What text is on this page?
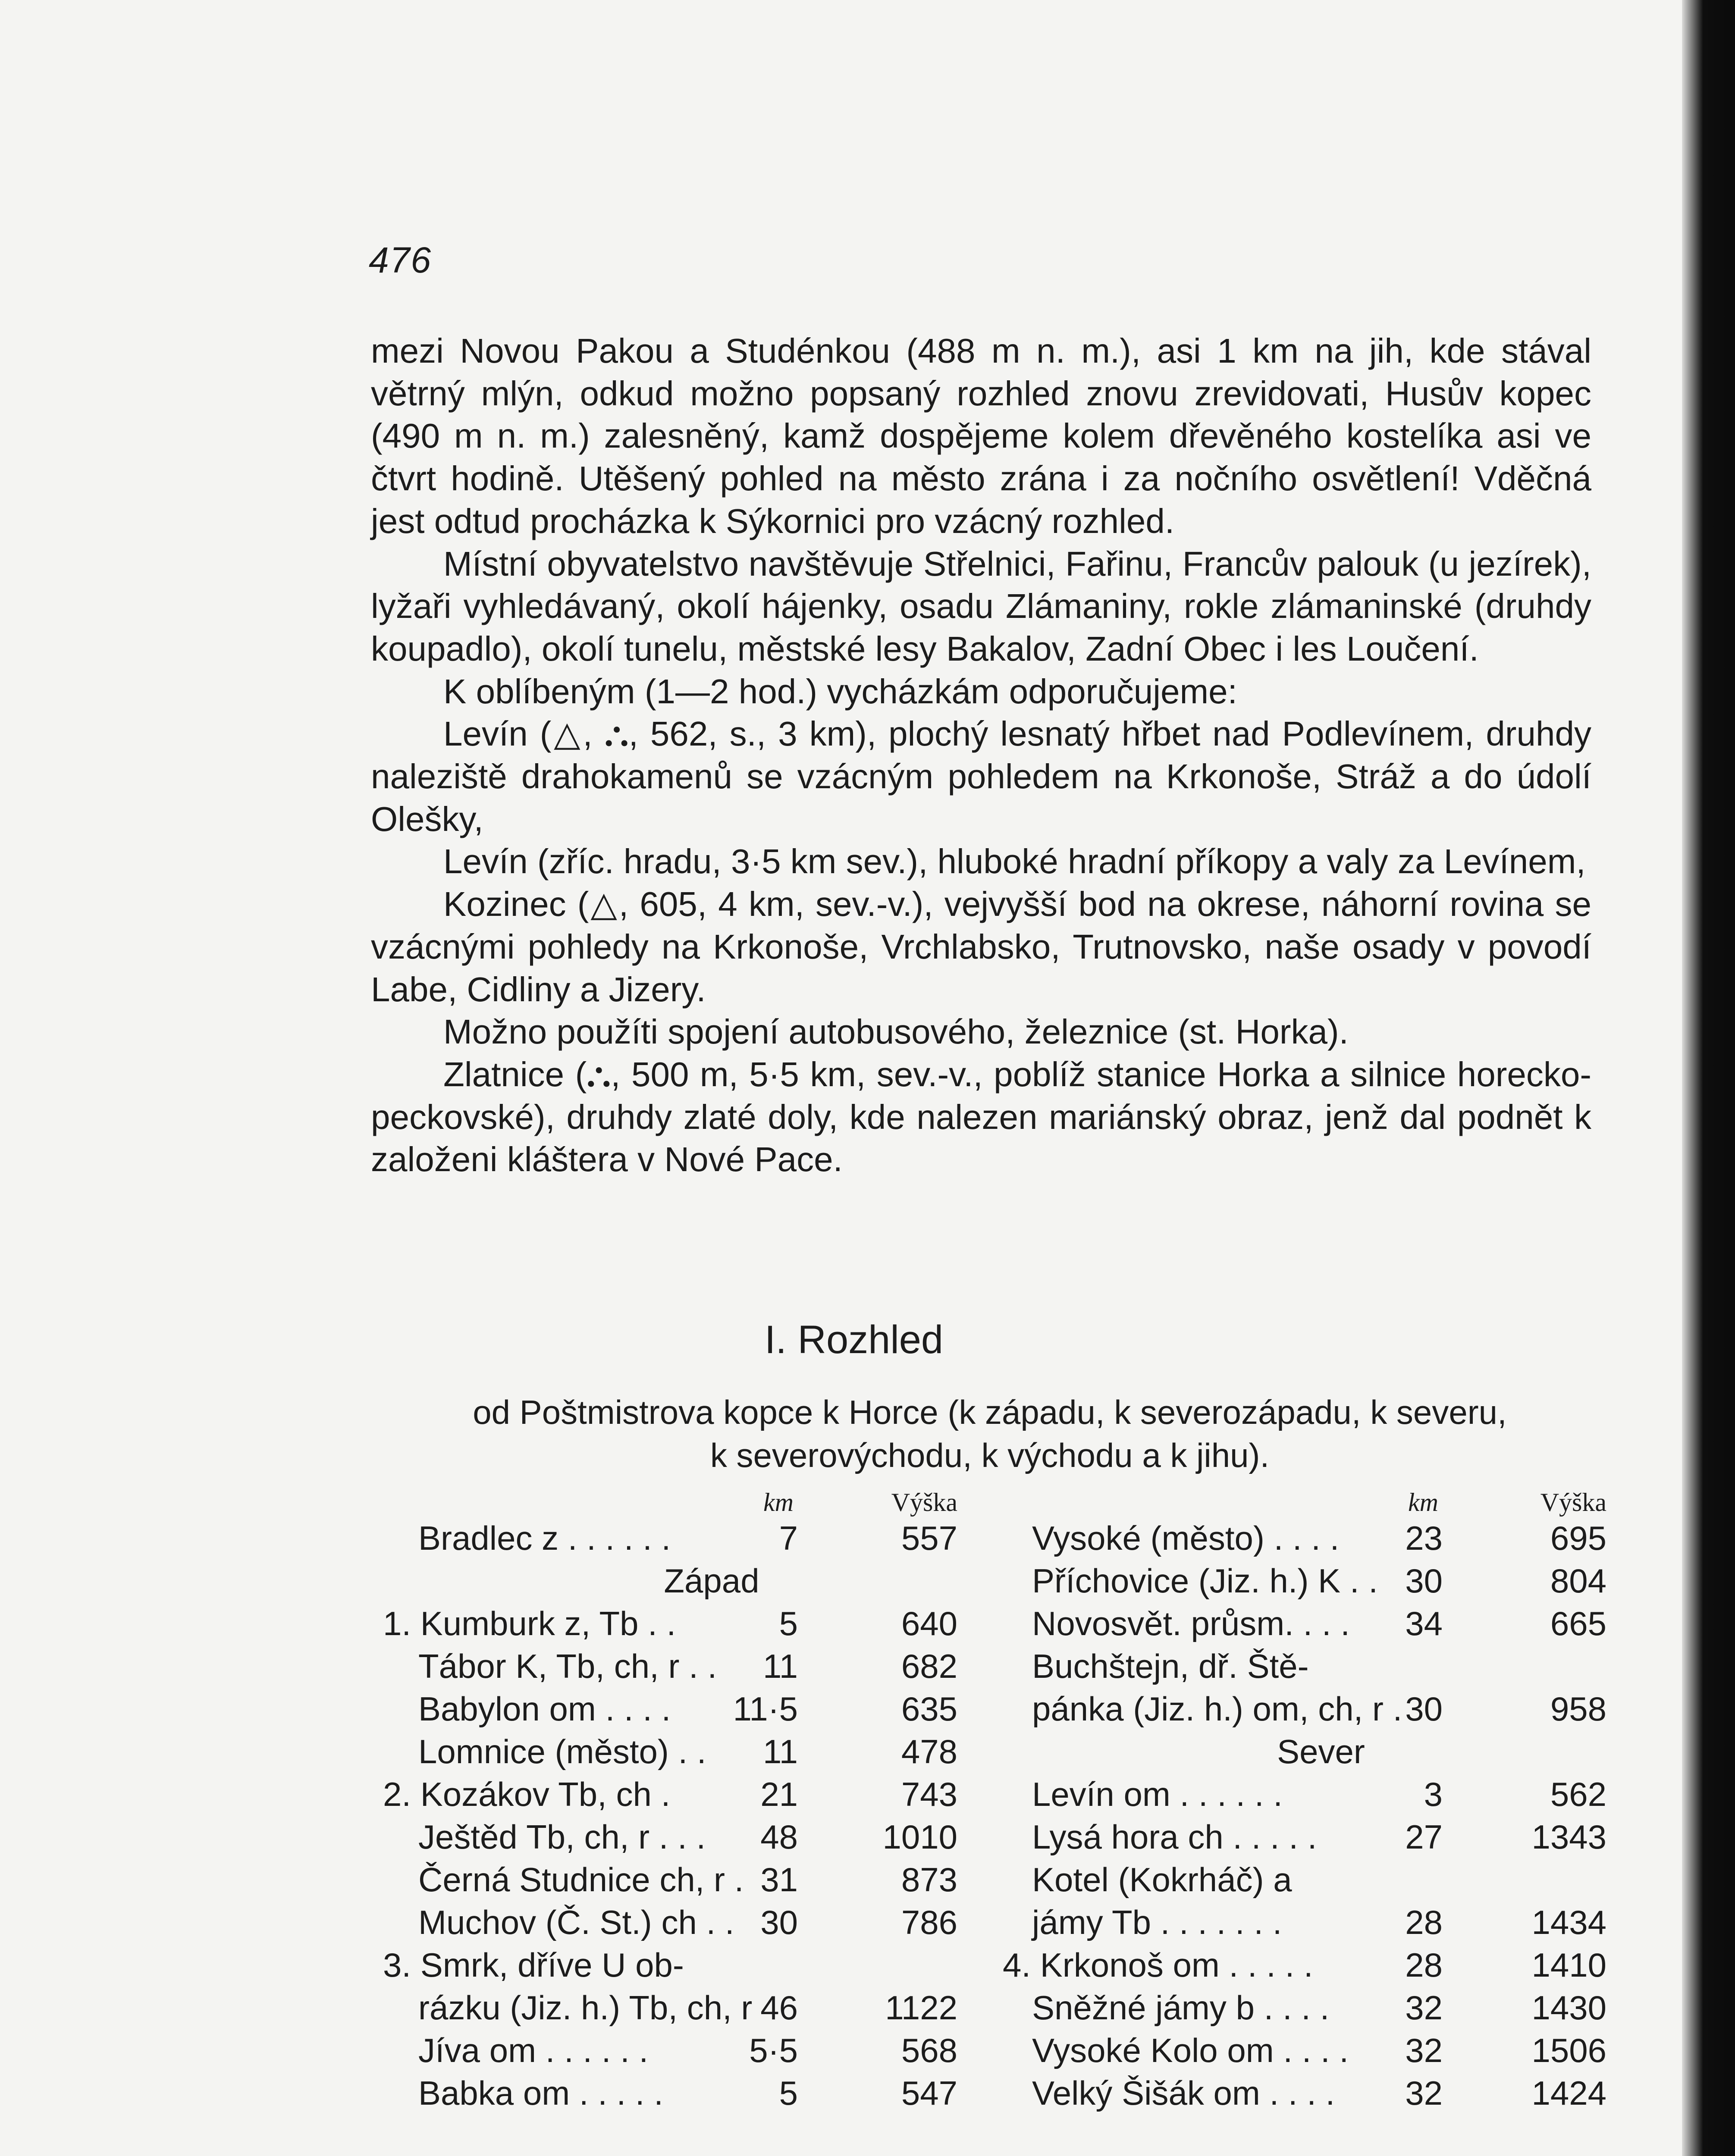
476

mezi Novou Pakou a Studénkou (488 m n. m.), asi 1 km na jih, kde stával větrný mlýn, odkud možno popsaný rozhled znovu zrevidovati, Husův kopec (490 m n. m.) zalesněný, kamž dospějeme kolem dřevěného kostelíka asi ve čtvrt hodině. Utěšený pohled na město zrána i za nočního osvětlení! Vděčná jest odtud procházka k Sýkornici pro vzácný rozhled.

Místní obyvatelstvo navštěvuje Střelnici, Fařinu, Francův palouk (u jezírek), lyžaři vyhledávaný, okolí hájenky, osadu Zlámaniny, rokle zlámaninské (druhdy koupadlo), okolí tunelu, městské lesy Bakalov, Zadní Obec i les Loučení.

K oblíbeným (1—2 hod.) vycházkám odporučujeme:

Levín (△, ⛬, 562, s., 3 km), plochý lesnatý hřbet nad Podlevínem, druhdy naleziště drahokamenů se vzácným pohledem na Krkonoše, Stráž a do údolí Olešky,

Levín (zříc. hradu, 3·5 km sev.), hluboké hradní příkopy a valy za Levínem,

Kozinec (△, 605, 4 km, sev.-v.), vejvyšší bod na okrese, náhorní rovina se vzácnými pohledy na Krkonoše, Vrchlabsko, Trutnovsko, naše osady v povodí Labe, Cidliny a Jizery.

Možno použíti spojení autobusového, železnice (st. Horka).

Zlatnice (⛬, 500 m, 5·5 km, sev.-v., poblíž stanice Horka a silnice horecko-peckovské), druhdy zlaté doly, kde nalezen mariánský obraz, jenž dal podnět k založeni kláštera v Nové Pace.

I. Rozhled
od Poštmistrova kopce k Horce (k západu, k severozápadu, k severu,
k severovýchodu, k východu a k jihu).
km	Výška
Bradlec z . . . . . .	7	557
Západ
1. Kumburk z, Tb . .	5	640
Tábor K, Tb, ch, r . . 11	682
Babylon om . . . . 11·5	635
Lomnice (město) . . 11	478
2. Kozákov Tb, ch .	21	743
Ještěd Tb, ch, r . . . 48	1010
Černá Studnice ch, r . 31	873
Muchov (Č. St.) ch . . 30	786
3. Smrk, dříve U ob-
rázku (Jiz. h.) Tb, ch, r 46	1122
Jíva om . . . . . .	5·5	568
Babka om . . . . .	5	547
km	Výška
Vysoké (město) . . . . 23	695
Příchovice (Jiz. h.) K . . 30	804
Novosvět. průsm. . . . 34	665
Buchštejn, dř. Ště-
pánka (Jiz. h.) om, ch, r . 30	958
Sever
Levín om . . . . . .	3	562
Lysá hora ch . . . . .	27	1343
Kotel (Kokrháč) a
jámy Tb . . . . . . .	28	1434
4. Krkonoš om . . . . .	28	1410
Sněžné jámy b . . . . 32	1430
Vysoké Kolo om . . . . 32	1506
Velký Šišák om . . . . 32	1424
